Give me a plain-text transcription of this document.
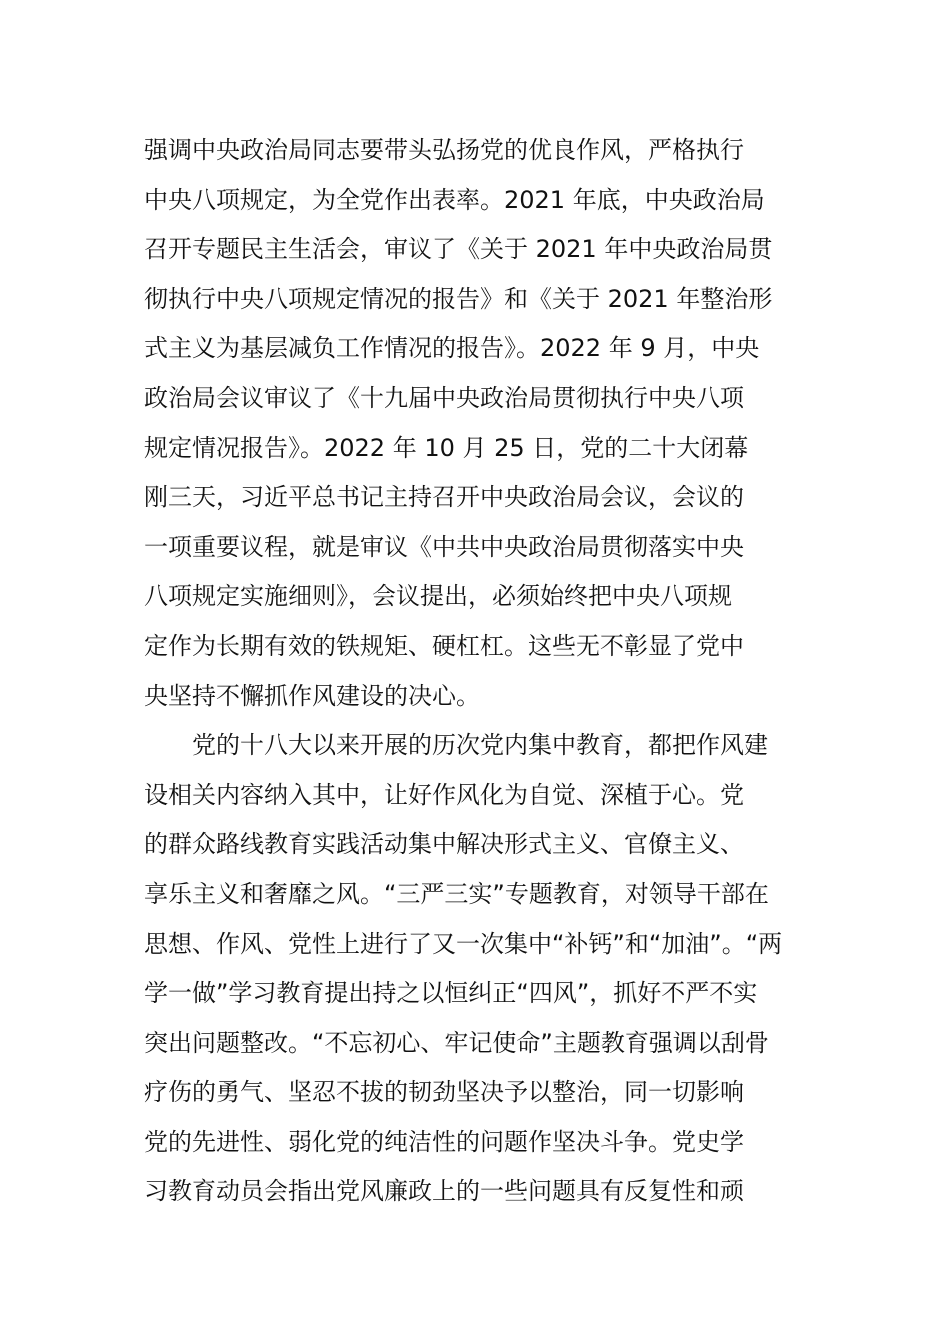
强调中央政治局同志要带头弘扬党的优良作风，严格执行
中央八项规定，为全党作出表率。2021 年底，中央政治局
召开专题民主生活会，审议了《关于 2021 年中央政治局贯
彻执行中央八项规定情况的报告》和《关于 2021 年整治形
式主义为基层减负工作情况的报告》。2022 年 9 月，中央
政治局会议审议了《十九届中央政治局贯彻执行中央八项
规定情况报告》。2022 年 10 月 25 日，党的二十大闭幕
刚三天，习近平总书记主持召开中央政治局会议，会议的
一项重要议程，就是审议《中共中央政治局贯彻落实中央
八项规定实施细则》，会议提出，必须始终把中央八项规
定作为长期有效的铁规矩、硬杠杠。这些无不彰显了党中
央坚持不懈抓作风建设的决心。
　　党的十八大以来开展的历次党内集中教育，都把作风建
设相关内容纳入其中，让好作风化为自觉、深植于心。党
的群众路线教育实践活动集中解决形式主义、官僚主义、
享乐主义和奢靡之风。“三严三实”专题教育，对领导干部在
思想、作风、党性上进行了又一次集中“补钙”和“加油”。“两
学一做”学习教育提出持之以恒纠正“四风”，抓好不严不实
突出问题整改。“不忘初心、牢记使命”主题教育强调以刮骨
疗伤的勇气、坚忍不拔的韧劲坚决予以整治，同一切影响
党的先进性、弱化党的纯洁性的问题作坚决斗争。党史学
习教育动员会指出党风廉政上的一些问题具有反复性和顽
